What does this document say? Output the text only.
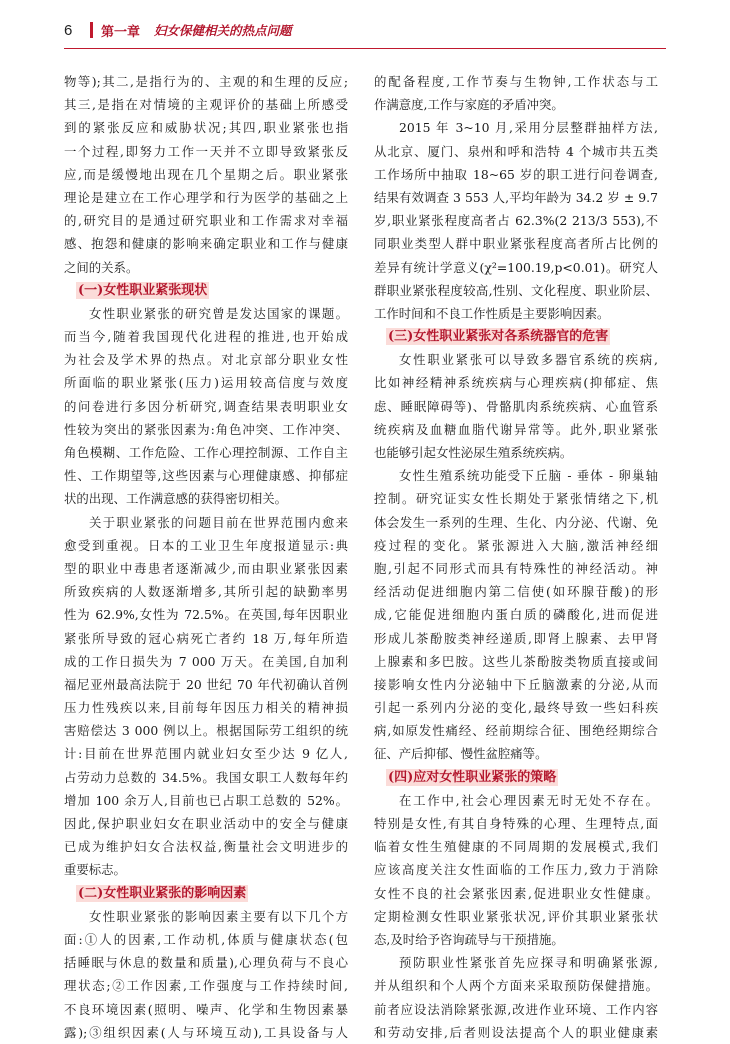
6	第一章 妇女保健相关的热点问题
物等);其二,是指行为的、主观的和生理的反应;
其三,是指在对情境的主观评价的基础上所感受
到的紧张反应和威胁状况;其四,职业紧张也指
一个过程,即努力工作一天并不立即导致紧张反
应,而是缓慢地出现在几个星期之后。职业紧张
理论是建立在工作心理学和行为医学的基础之上
的,研究目的是通过研究职业和工作需求对幸福
感、抱怨和健康的影响来确定职业和工作与健康
之间的关系。
(一)女性职业紧张现状
女性职业紧张的研究曾是发达国家的课题。
而当今,随着我国现代化进程的推进,也开始成
为社会及学术界的热点。对北京部分职业女性
所面临的职业紧张(压力)运用较高信度与效度
的问卷进行多因分析研究,调查结果表明职业女
性较为突出的紧张因素为:角色冲突、工作冲突、
角色模糊、工作危险、工作心理控制源、工作自主
性、工作期望等,这些因素与心理健康感、抑郁症
状的出现、工作满意感的获得密切相关。
关于职业紧张的问题目前在世界范围内愈来
愈受到重视。日本的工业卫生年度报道显示:典
型的职业中毒患者逐渐减少,而由职业紧张因素
所致疾病的人数逐渐增多,其所引起的缺勤率男
性为 62.9%,女性为 72.5%。在英国,每年因职业
紧张所导致的冠心病死亡者约 18 万,每年所造
成的工作日损失为 7 000 万天。在美国,自加利
福尼亚州最高法院于 20 世纪 70 年代初确认首例
压力性残疾以来,目前每年因压力相关的精神损
害赔偿达 3 000 例以上。根据国际劳工组织的统
计:目前在世界范围内就业妇女至少达 9 亿人,
占劳动力总数的 34.5%。我国女职工人数每年约
增加 100 余万人,目前也已占职工总数的 52%。
因此,保护职业妇女在职业活动中的安全与健康
已成为维护妇女合法权益,衡量社会文明进步的
重要标志。
(二)女性职业紧张的影响因素
女性职业紧张的影响因素主要有以下几个方
面:①人的因素,工作动机,体质与健康状态(包
括睡眠与休息的数量和质量),心理负荷与不良心
理状态;②工作因素,工作强度与工作持续时间,
不良环境因素(照明、噪声、化学和生物因素暴
露);③组织因素(人与环境互动),工具设备与人
的配备程度,工作节奏与生物钟,工作状态与工
作满意度,工作与家庭的矛盾冲突。
2015 年 3~10 月,采用分层整群抽样方法,
从北京、厦门、泉州和呼和浩特 4 个城市共五类
工作场所中抽取 18~65 岁的职工进行问卷调查,
结果有效调查 3 553 人,平均年龄为 34.2 岁 ± 9.7
岁,职业紧张程度高者占 62.3%(2 213/3 553),不
同职业类型人群中职业紧张程度高者所占比例的
差异有统计学意义(χ²=100.19,p<0.01)。研究人
群职业紧张程度较高,性别、文化程度、职业阶层、
工作时间和不良工作性质是主要影响因素。
(三)女性职业紧张对各系统器官的危害
女性职业紧张可以导致多器官系统的疾病,
比如神经精神系统疾病与心理疾病(抑郁症、焦
虑、睡眠障碍等)、骨骼肌肉系统疾病、心血管系
统疾病及血糖血脂代谢异常等。此外,职业紧张
也能够引起女性泌尿生殖系统疾病。
女性生殖系统功能受下丘脑 - 垂体 - 卵巢轴
控制。研究证实女性长期处于紧张情绪之下,机
体会发生一系列的生理、生化、内分泌、代谢、免
疫过程的变化。紧张源进入大脑,激活神经细
胞,引起不同形式而具有特殊性的神经活动。神
经活动促进细胞内第二信使(如环腺苷酸)的形
成,它能促进细胞内蛋白质的磷酸化,进而促进
形成儿茶酚胺类神经递质,即肾上腺素、去甲肾
上腺素和多巴胺。这些儿茶酚胺类物质直接或间
接影响女性内分泌轴中下丘脑激素的分泌,从而
引起一系列内分泌的变化,最终导致一些妇科疾
病,如原发性痛经、经前期综合征、围绝经期综合
征、产后抑郁、慢性盆腔痛等。
(四)应对女性职业紧张的策略
在工作中,社会心理因素无时无处不存在。
特别是女性,有其自身特殊的心理、生理特点,面
临着女性生殖健康的不同周期的发展模式,我们
应该高度关注女性面临的工作压力,致力于消除
女性不良的社会紧张因素,促进职业女性健康。
定期检测女性职业紧张状况,评价其职业紧张状
态,及时给予咨询疏导与干预措施。
预防职业性紧张首先应探寻和明确紧张源,
并从组织和个人两个方面来采取预防保健措施。
前者应设法消除紧张源,改进作业环境、工作内容
和劳动安排,后者则设法提高个人的职业健康素
